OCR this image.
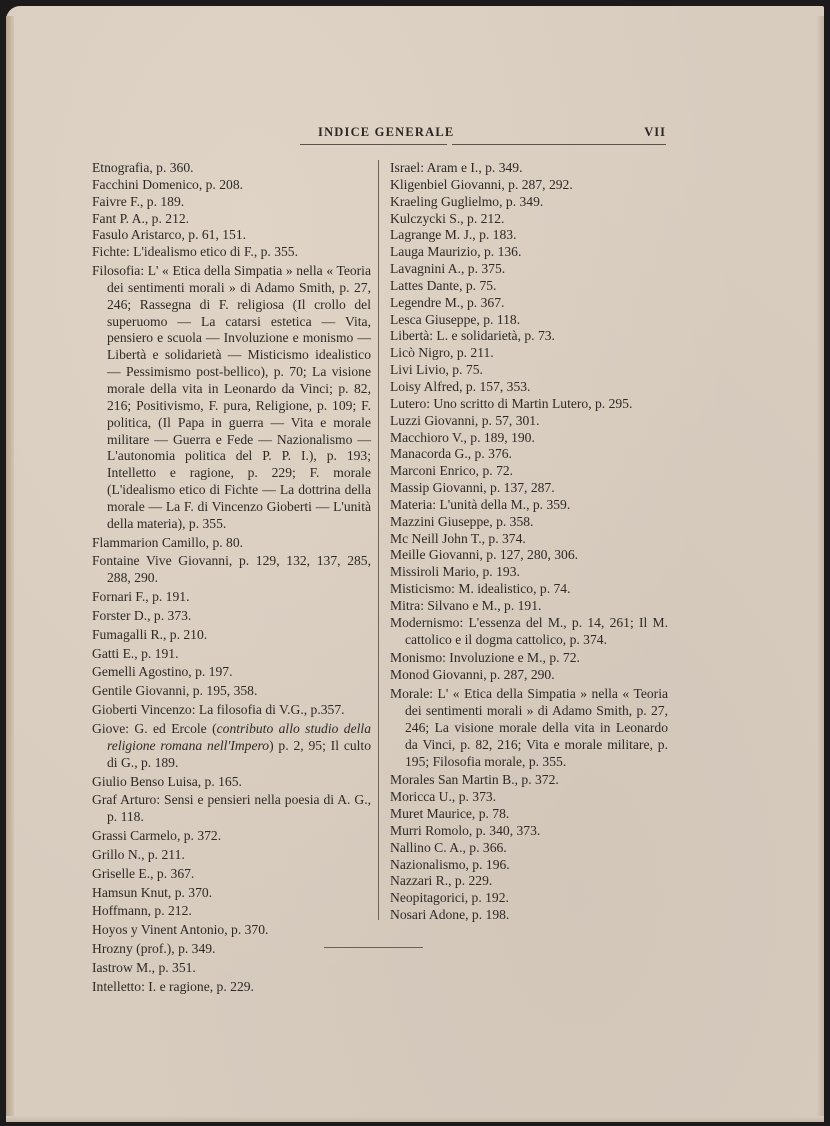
INDICE GENERALE	VII

Etnografia, p. 360.

Facchini Domenico, p. 208.

Faivre F., p. 189.

Fant P. A., p. 212.

Fasulo Aristarco, p. 61, 151.

Fichte: L'idealismo etico di F., p. 355.

Filosofia: L' « Etica della Simpatia » nella « Teoria dei sentimenti morali » di Adamo Smith, p. 27, 246; Rassegna di F. religiosa (Il crollo del superuomo — La catarsi estetica — Vita, pensiero e scuola — Involuzione e monismo — Libertà e solidarietà — Misticismo idealistico — Pessimismo post-bellico), p. 70; La visione morale della vita in Leonardo da Vinci; p. 82, 216; Positivismo, F. pura, Religione, p. 109; F. politica, (Il Papa in guerra — Vita e morale militare — Guerra e Fede — Nazionalismo — L'autonomia politica del P. P. I.), p. 193; Intelletto e ragione, p. 229; F. morale (L'idealismo etico di Fichte — La dottrina della morale — La F. di Vincenzo Gioberti — L'unità della materia), p. 355.

Flammarion Camillo, p. 80.

Fontaine Vive Giovanni, p. 129, 132, 137, 285, 288, 290.

Fornari F., p. 191.

Forster D., p. 373.

Fumagalli R., p. 210.

Gatti E., p. 191.

Gemelli Agostino, p. 197.

Gentile Giovanni, p. 195, 358.

Gioberti Vincenzo: La filosofia di V.G., p.357.

Giove: G. ed Ercole (contributo allo studio della religione romana nell'Impero) p. 2, 95; Il culto di G., p. 189.

Giulio Benso Luisa, p. 165.

Graf Arturo: Sensi e pensieri nella poesia di A. G., p. 118.

Grassi Carmelo, p. 372.

Grillo N., p. 211.

Griselle E., p. 367.

Hamsun Knut, p. 370.

Hoffmann, p. 212.

Hoyos y Vinent Antonio, p. 370.

Hrozny (prof.), p. 349.

Iastrow M., p. 351.

Intelletto: I. e ragione, p. 229.

Israel: Aram e I., p. 349.

Kligenbiel Giovanni, p. 287, 292.

Kraeling Guglielmo, p. 349.

Kulczycki S., p. 212.

Lagrange M. J., p. 183.

Lauga Maurizio, p. 136.

Lavagnini A., p. 375.

Lattes Dante, p. 75.

Legendre M., p. 367.

Lesca Giuseppe, p. 118.

Libertà: L. e solidarietà, p. 73.

Licò Nigro, p. 211.

Livi Livio, p. 75.

Loisy Alfred, p. 157, 353.

Lutero: Uno scritto di Martin Lutero, p. 295.

Luzzi Giovanni, p. 57, 301.

Macchioro V., p. 189, 190.

Manacorda G., p. 376.

Marconi Enrico, p. 72.

Massip Giovanni, p. 137, 287.

Materia: L'unità della M., p. 359.

Mazzini Giuseppe, p. 358.

Mc Neill John T., p. 374.

Meille Giovanni, p. 127, 280, 306.

Missiroli Mario, p. 193.

Misticismo: M. idealistico, p. 74.

Mitra: Silvano e M., p. 191.

Modernismo: L'essenza del M., p. 14, 261; Il M. cattolico e il dogma cattolico, p. 374.

Monismo: Involuzione e M., p. 72.

Monod Giovanni, p. 287, 290.

Morale: L' « Etica della Simpatia » nella « Teoria dei sentimenti morali » di Adamo Smith, p. 27, 246; La visione morale della vita in Leonardo da Vinci, p. 82, 216; Vita e morale militare, p. 195; Filosofia morale, p. 355.

Morales San Martin B., p. 372.

Moricca U., p. 373.

Muret Maurice, p. 78.

Murri Romolo, p. 340, 373.

Nallino C. A., p. 366.

Nazionalismo, p. 196.

Nazzari R., p. 229.

Neopitagorici, p. 192.

Nosari Adone, p. 198.
